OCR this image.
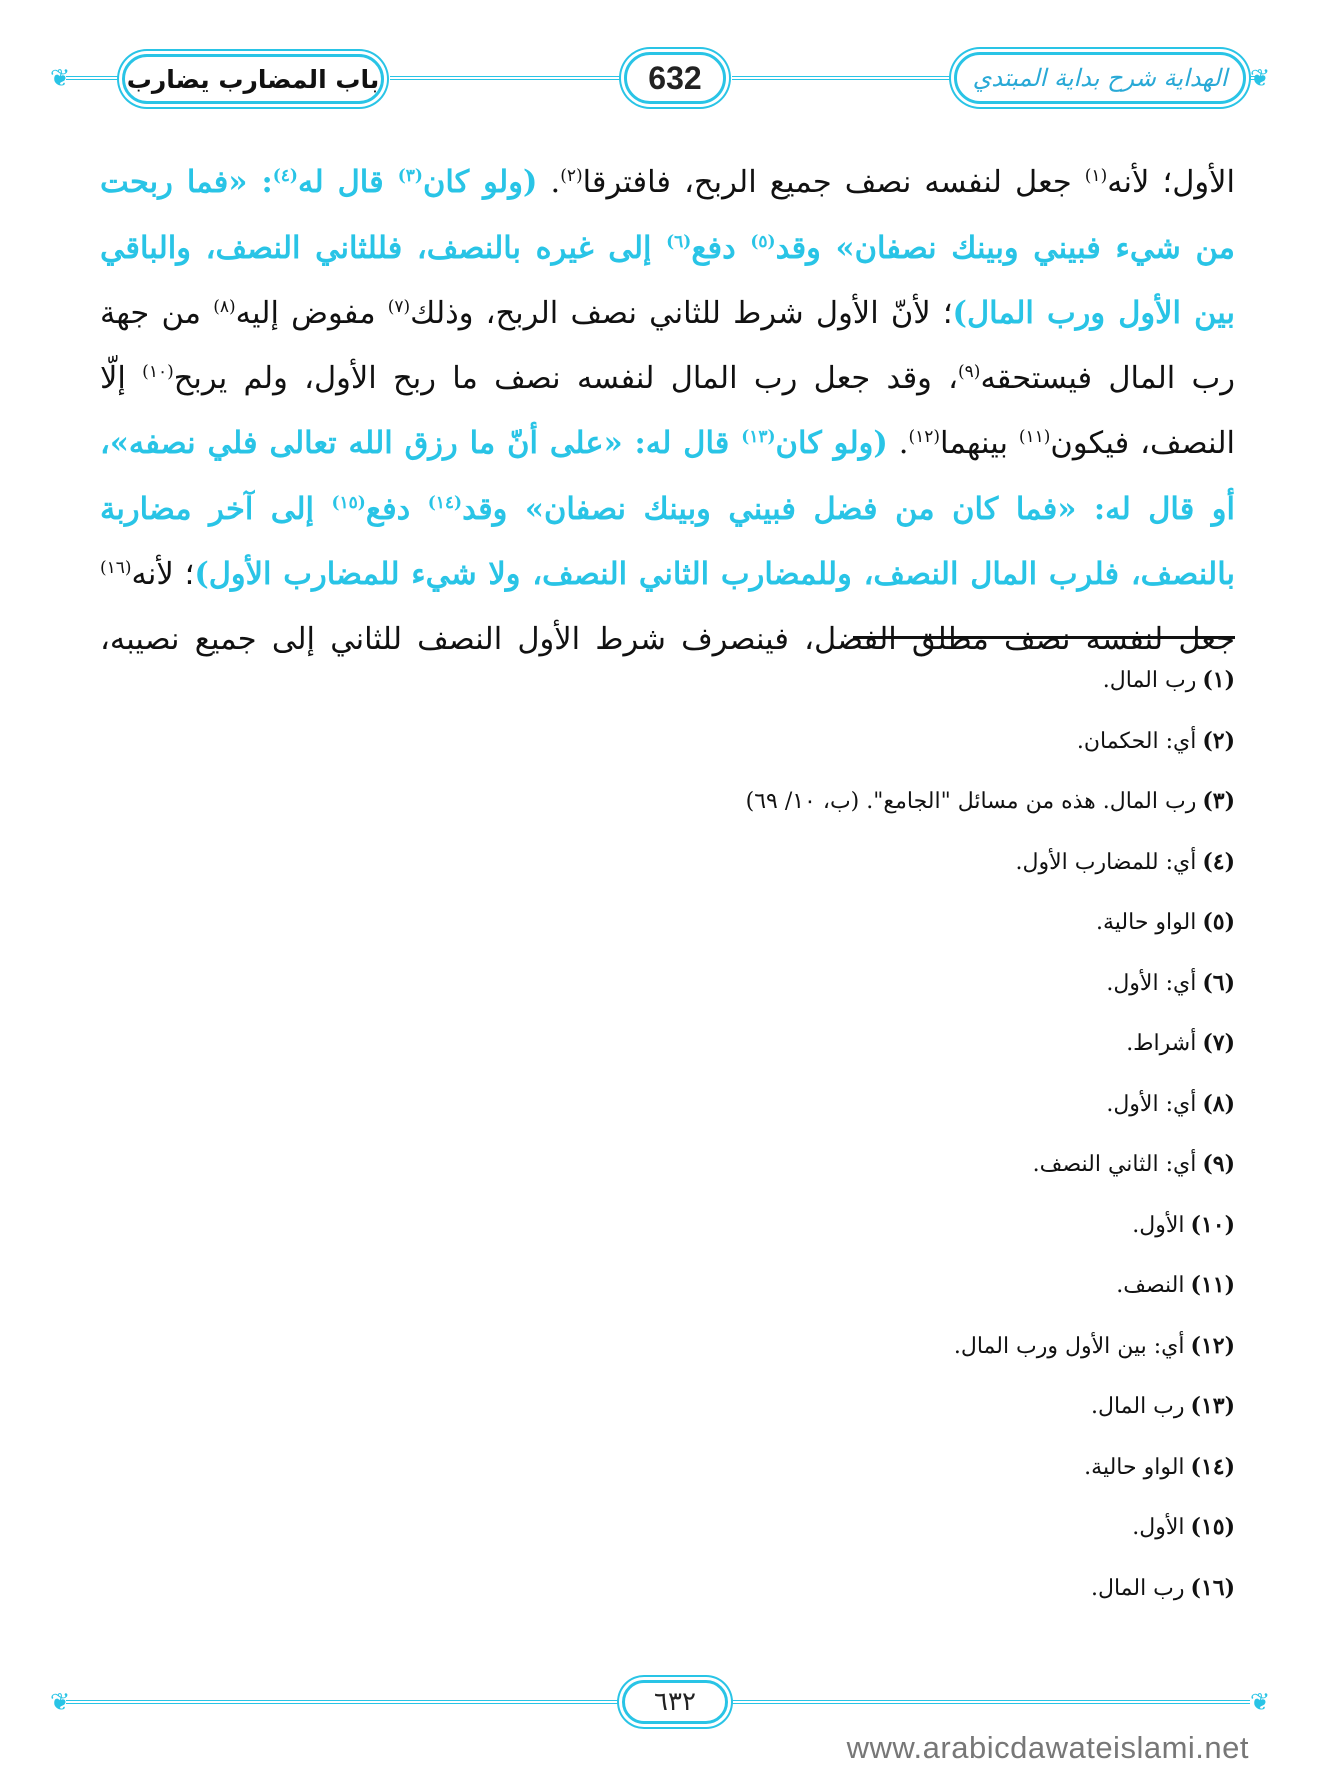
❦	❦
باب المضارب يضارب	632	الهداية شرح بداية المبتدي

الأول؛ لأنه$^{(١)}$ جعل لنفسه نصف جميع الربح، فافترقا$^{(٢)}$. (ولو كان$^{(٣)}$ قال له$^{(٤)}$: «فما ربحت من شيء فبيني وبينك نصفان» وقد$^{(٥)}$ دفع$^{(٦)}$ إلى غيره بالنصف، فللثاني النصف، والباقي بين الأول ورب المال)؛ لأنّ الأول شرط للثاني نصف الربح، وذلك$^{(٧)}$ مفوض إليه$^{(٨)}$ من جهة رب المال فيستحقه$^{(٩)}$، وقد جعل رب المال لنفسه نصف ما ربح الأول، ولم يربح$^{(١٠)}$ إلّا النصف، فيكون$^{(١١)}$ بينهما$^{(١٢)}$. (ولو كان$^{(١٣)}$ قال له: «على أنّ ما رزق الله تعالى فلي نصفه»، أو قال له: «فما كان من فضل فبيني وبينك نصفان» وقد$^{(١٤)}$ دفع$^{(١٥)}$ إلى آخر مضاربة بالنصف، فلرب المال النصف، وللمضارب الثاني النصف، ولا شيء للمضارب الأول)؛ لأنه$^{(١٦)}$ جعل لنفسه نصف مطلق الفضل، فينصرف شرط الأول النصف للثاني إلى جميع نصيبه،

(١)رب المال.
(٢)أي: الحكمان.
(٣)رب المال. هذه من مسائل "الجامع". (ب، ١٠/ ٦٩)
(٤)أي: للمضارب الأول.
(٥)الواو حالية.
(٦)أي: الأول.
(٧)أشراط.
(٨)أي: الأول.
(٩)أي: الثاني النصف.
(١٠)الأول.
(١١)النصف.
(١٢)أي: بين الأول ورب المال.
(١٣)رب المال.
(١٤)الواو حالية.
(١٥)الأول.
(١٦)رب المال.
❦	❦
٦٣٢
www.arabicdawateislami.net
